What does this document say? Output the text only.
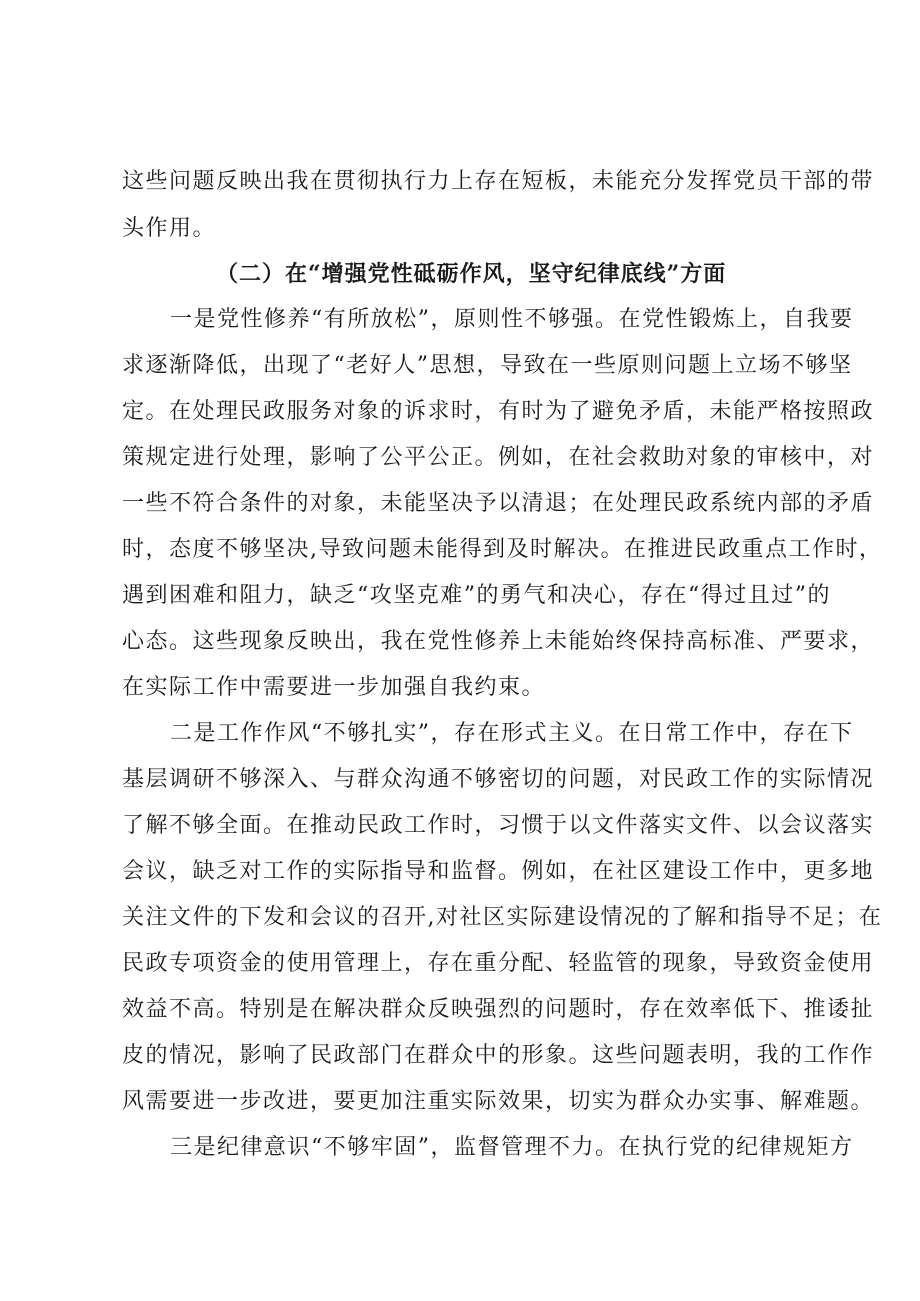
这些问题反映出我在贯彻执行力上存在短板，未能充分发挥党员干部的带
头作用。
（二）在“增强党性砥砺作风，坚守纪律底线”方面
一是党性修养“有所放松”，原则性不够强。在党性锻炼上，自我要
求逐渐降低，出现了“老好人”思想，导致在一些原则问题上立场不够坚
定。在处理民政服务对象的诉求时，有时为了避免矛盾，未能严格按照政
策规定进行处理，影响了公平公正。例如，在社会救助对象的审核中，对
一些不符合条件的对象，未能坚决予以清退；在处理民政系统内部的矛盾
时，态度不够坚决,导致问题未能得到及时解决。在推进民政重点工作时，
遇到困难和阻力，缺乏“攻坚克难”的勇气和决心，存在“得过且过”的
心态。这些现象反映出，我在党性修养上未能始终保持高标准、严要求，
在实际工作中需要进一步加强自我约束。
二是工作作风“不够扎实”，存在形式主义。在日常工作中，存在下
基层调研不够深入、与群众沟通不够密切的问题，对民政工作的实际情况
了解不够全面。在推动民政工作时，习惯于以文件落实文件、以会议落实
会议，缺乏对工作的实际指导和监督。例如，在社区建设工作中，更多地
关注文件的下发和会议的召开,对社区实际建设情况的了解和指导不足；在
民政专项资金的使用管理上，存在重分配、轻监管的现象，导致资金使用
效益不高。特别是在解决群众反映强烈的问题时，存在效率低下、推诿扯
皮的情况，影响了民政部门在群众中的形象。这些问题表明，我的工作作
风需要进一步改进，要更加注重实际效果，切实为群众办实事、解难题。
三是纪律意识“不够牢固”，监督管理不力。在执行党的纪律规矩方
